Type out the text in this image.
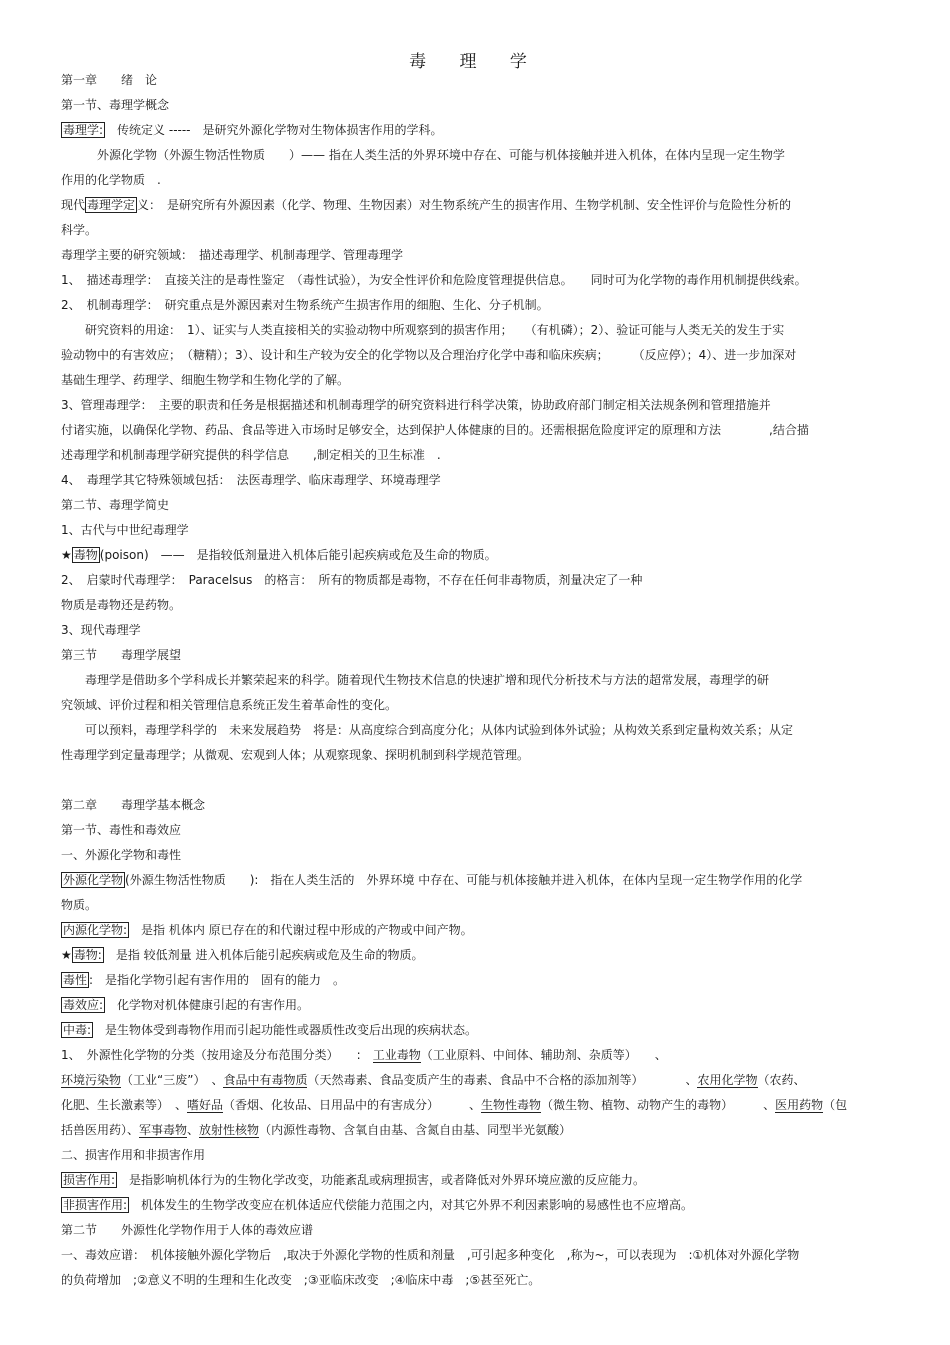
毒 理 学
第一章　　绪　论
第一节、毒理学概念
毒理学:　传统定义 -----　是研究外源化学物对生物体损害作用的学科。
　　　外源化学物（外源生物活性物质　　）—— 指在人类生活的外界环境中存在、可能与机体接触并进入机体，在体内呈现一定生物学
作用的化学物质　.
现代 毒理学定 义：　是研究所有外源因素（化学、物理、生物因素）对生物系统产生的损害作用、生物学机制、安全性评价与危险性分析的
科学。
毒理学主要的研究领域：　描述毒理学、机制毒理学、管理毒理学
1、　描述毒理学：　直接关注的是毒性鉴定　（毒性试验），为安全性评价和危险度管理提供信息。　　同时可为化学物的毒作用机制提供线索。
2、　机制毒理学：　研究重点是外源因素对生物系统产生损害作用的细胞、生化、分子机制。
　　研究资料的用途：　1）、证实与人类直接相关的实验动物中所观察到的损害作用；　　（有机磷）；2）、验证可能与人类无关的发生于实
验动物中的有害效应；　（糖精）；3）、设计和生产较为安全的化学物以及合理治疗化学中毒和临床疾病；　　　（反应停）；4）、进一步加深对
基础生理学、药理学、细胞生物学和生物化学的了解。
3、管理毒理学：　主要的职责和任务是根据描述和机制毒理学的研究资料进行科学决策，协助政府部门制定相关法规条例和管理措施并
付诸实施，以确保化学物、药品、食品等进入市场时足够安全，达到保护人体健康的目的。还需根据危险度评定的原理和方法　　　　,结合描
述毒理学和机制毒理学研究提供的科学信息　　,制定相关的卫生标准　.
4、　毒理学其它特殊领域包括：　法医毒理学、临床毒理学、环境毒理学
第二节、毒理学简史
1、古代与中世纪毒理学
★ 毒物 (poison)　——　是指较低剂量进入机体后能引起疾病或危及生命的物质。
2、　启蒙时代毒理学：　Paracelsus　的格言：　所有的物质都是毒物，不存在任何非毒物质，剂量决定了一种
物质是毒物还是药物。
3、现代毒理学
第三节　　毒理学展望
　　毒理学是借助多个学科成长并繁荣起来的科学。随着现代生物技术信息的快速扩增和现代分析技术与方法的超常发展，毒理学的研
究领域、评价过程和相关管理信息系统正发生着革命性的变化。
　　可以预料，毒理学科学的　未来发展趋势　将是：从高度综合到高度分化；从体内试验到体外试验；从构效关系到定量构效关系；从定
性毒理学到定量毒理学；从微观、宏观到人体；从观察现象、探明机制到科学规范管理。
第二章　　毒理学基本概念
第一节、毒性和毒效应
一、外源化学物和毒性
外源化学物 (外源生物活性物质　　):　指在人类生活的　外界环境 中存在、可能与机体接触并进入机体，在体内呈现一定生物学作用的化学
物质。
内源化学物:　是指 机体内 原已存在的和代谢过程中形成的产物或中间产物。
★ 毒物:　是指 较低剂量 进入机体后能引起疾病或危及生命的物质。
毒性 :　是指化学物引起有害作用的　固有的能力　。
毒效应:　化学物对机体健康引起的有害作用。
中毒:　是生物体受到毒物作用而引起功能性或器质性改变后出现的疾病状态。
1、　外源性化学物的分类（按用途及分布范围分类）　　:　工业毒物（工业原料、中间体、辅助剂、杂质等）　　、
环境污染物（工业“三废”）　、食品中有毒物质（天然毒素、食品变质产生的毒素、食品中不合格的添加剂等）　　　　、农用化学物（农药、
化肥、生长激素等）　、嗜好品（香烟、化妆品、日用品中的有害成分）　　　、生物性毒物（微生物、植物、动物产生的毒物）　　　、医用药物（包
括兽医用药）、军事毒物、放射性核物（内源性毒物、含氧自由基、含氮自由基、同型半光氨酸）
二、损害作用和非损害作用
损害作用:　是指影响机体行为的生物化学改变，功能紊乱或病理损害，或者降低对外界环境应激的反应能力。
非损害作用:　机体发生的生物学改变应在机体适应代偿能力范围之内，对其它外界不利因素影响的易感性也不应增高。
第二节　　外源性化学物作用于人体的毒效应谱
一、毒效应谱：　机体接触外源化学物后　,取决于外源化学物的性质和剂量　,可引起多种变化　,称为~，可以表现为　:①机体对外源化学物
的负荷增加　;②意义不明的生理和生化改变　;③亚临床改变　;④临床中毒　;⑤甚至死亡。
